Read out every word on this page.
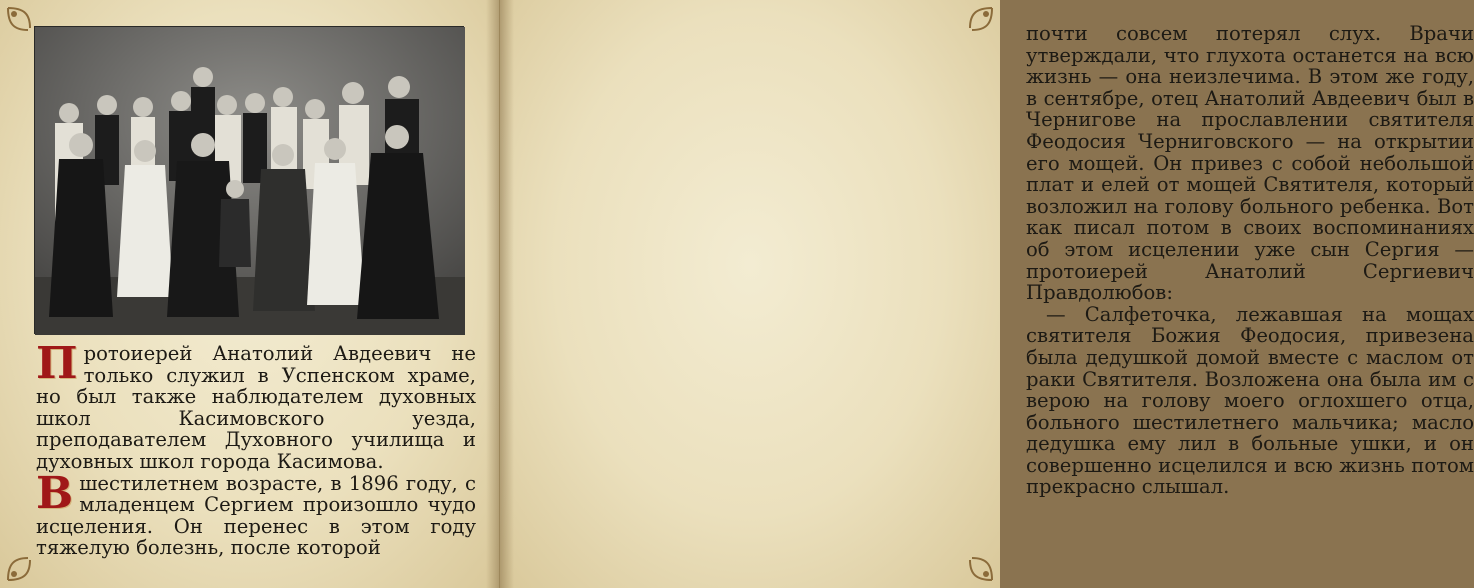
Протоиерей Анатолий Авдеевич не только служил в Успенском храме, но был также наблюдателем духовных школ Касимовского уезда, преподавателем Духовного училища и духовных школ города Касимова.

Вшестилетнем возрасте, в 1896 году, с младенцем Сергием произошло чудо исцеления. Он перенес в этом году тяжелую болезнь, после которой

почти совсем потерял слух. Врачи утверждали, что глухота останется на всю жизнь — она неизлечима. В этом же году, в сентябре, отец Анатолий Авдеевич был в Чернигове на прославлении святителя Феодосия Черниговского — на открытии его мощей. Он привез с собой небольшой плат и елей от мощей Святителя, который возложил на голову больного ребенка. Вот как писал потом в своих воспоминаниях об этом исцелении уже сын Сергия — протоиерей Анатолий Сергиевич Правдолюбов:

— Салфеточка, лежавшая на мощах святителя Божия Феодосия, привезена была дедушкой домой вместе с маслом от раки Святителя. Возложена она была им с верою на голову моего оглохшего отца, больного шестилетнего мальчика; масло дедушка ему лил в больные ушки, и он совершенно исцелился и всю жизнь потом прекрасно слышал.
